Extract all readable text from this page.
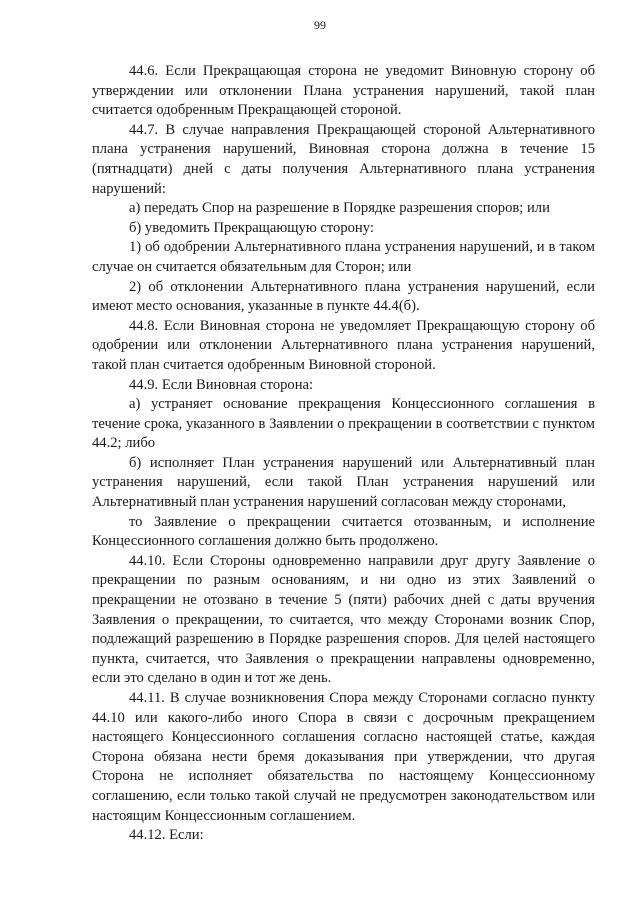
99

44.6. Если Прекращающая сторона не уведомит Виновную сторону об утверждении или отклонении Плана устранения нарушений, такой план считается одобренным Прекращающей стороной.

44.7. В случае направления Прекращающей стороной Альтернативного плана устранения нарушений, Виновная сторона должна в течение 15 (пятнадцати) дней с даты получения Альтернативного плана устранения нарушений:

а) передать Спор на разрешение в Порядке разрешения споров; или

б) уведомить Прекращающую сторону:

1) об одобрении Альтернативного плана устранения нарушений, и в таком случае он считается обязательным для Сторон; или

2) об отклонении Альтернативного плана устранения нарушений, если имеют место основания, указанные в пункте 44.4(б).

44.8. Если Виновная сторона не уведомляет Прекращающую сторону об одобрении или отклонении Альтернативного плана устранения нарушений, такой план считается одобренным Виновной стороной.

44.9. Если Виновная сторона:

а) устраняет основание прекращения Концессионного соглашения в течение срока, указанного в Заявлении о прекращении в соответствии с пунктом 44.2; либо

б) исполняет План устранения нарушений или Альтернативный план устранения нарушений, если такой План устранения нарушений или Альтернативный план устранения нарушений согласован между сторонами,

то Заявление о прекращении считается отозванным, и исполнение Концессионного соглашения должно быть продолжено.

44.10. Если Стороны одновременно направили друг другу Заявление о прекращении по разным основаниям, и ни одно из этих Заявлений о прекращении не отозвано в течение 5 (пяти) рабочих дней с даты вручения Заявления о прекращении, то считается, что между Сторонами возник Спор, подлежащий разрешению в Порядке разрешения споров. Для целей настоящего пункта, считается, что Заявления о прекращении направлены одновременно, если это сделано в один и тот же день.

44.11. В случае возникновения Спора между Сторонами согласно пункту 44.10 или какого-либо иного Спора в связи с досрочным прекращением настоящего Концессионного соглашения согласно настоящей статье, каждая Сторона обязана нести бремя доказывания при утверждении, что другая Сторона не исполняет обязательства по настоящему Концессионному соглашению, если только такой случай не предусмотрен законодательством или настоящим Концессионным соглашением.

44.12. Если:
